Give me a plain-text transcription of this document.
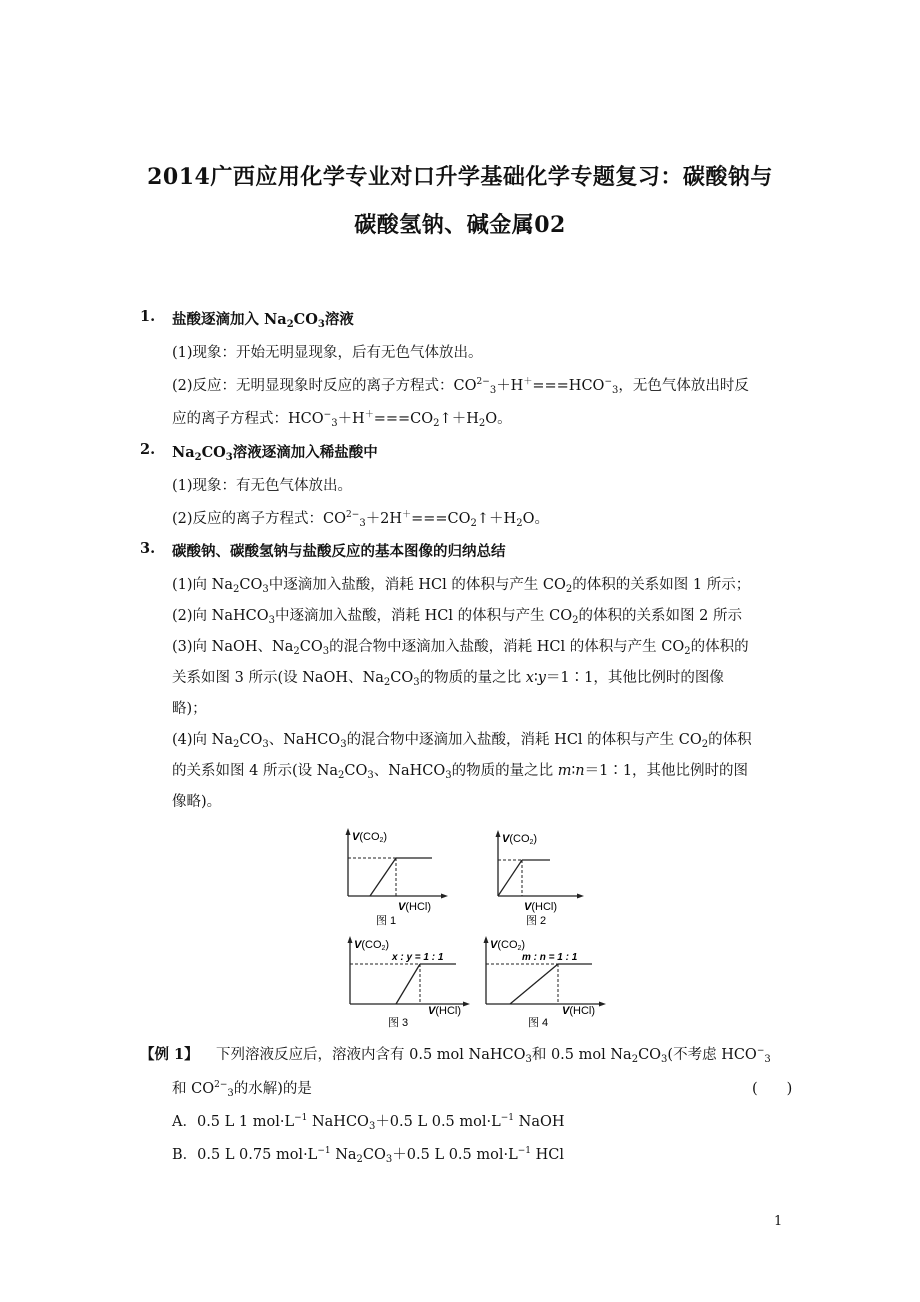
2014广西应用化学专业对口升学基础化学专题复习：碳酸钠与
碳酸氢钠、碱金属02
1. 盐酸逐滴加入 $Na_2CO_3$溶液
(1)现象：开始无明显现象，后有无色气体放出。
(2)反应：无明显现象时反应的离子方程式：$CO^{2-}_3+H^+===HCO^-_3$，无色气体放出时反
应的离子方程式：$HCO^-_3+H^+===CO_2↑+H_2O$。
2. $Na_2CO_3$溶液逐滴加入稀盐酸中
(1)现象：有无色气体放出。
(2)反应的离子方程式：$CO^{2-}_3+2H^+===CO_2↑+H_2O$。
3. 碳酸钠、碳酸氢钠与盐酸反应的基本图像的归纳总结
(1)向 $Na_2CO_3$中逐滴加入盐酸，消耗 HCl 的体积与产生 $CO_2$的体积的关系如图 1 所示；
(2)向 NaHCO$_3$中逐滴加入盐酸，消耗 HCl 的体积与产生 $CO_2$的体积的关系如图 2 所示
(3)向 NaOH、$Na_2CO_3$的混合物中逐滴加入盐酸，消耗 HCl 的体积与产生 $CO_2$的体积的
关系如图 3 所示(设 NaOH、$Na_2CO_3$的物质的量之比 x∶y＝1∶1，其他比例时的图像
略)；
(4)向 $Na_2CO_3$、NaHCO$_3$的混合物中逐滴加入盐酸，消耗 HCl 的体积与产生 $CO_2$的体积
的关系如图 4 所示(设 $Na_2CO_3$、NaHCO$_3$的物质的量之比 m∶n＝1∶1，其他比例时的图
像略)。
V(CO2)
V(HCl)
图 1
V(CO2)
V(HCl)
图 2
V(CO2)
x : y = 1 : 1
V(HCl)
图 3
V(CO2)
m : n = 1 : 1
V(HCl)
图 4
【例 1】 下列溶液反应后，溶液内含有 0.5 mol NaHCO$_3$和 0.5 mol $Na_2CO_3$(不考虑 $HCO^-_3$
和 $CO^{2-}_3$的水解)的是	(　　)
A．0.5 L 1 $mol\cdot L^{-1}$ NaHCO$_3$＋0.5 L 0.5 $mol\cdot L^{-1}$ NaOH
B．0.5 L 0.75 $mol\cdot L^{-1}$ $Na_2CO_3+0.5$ L 0.5 $mol\cdot L^{-1}$ HCl
1
